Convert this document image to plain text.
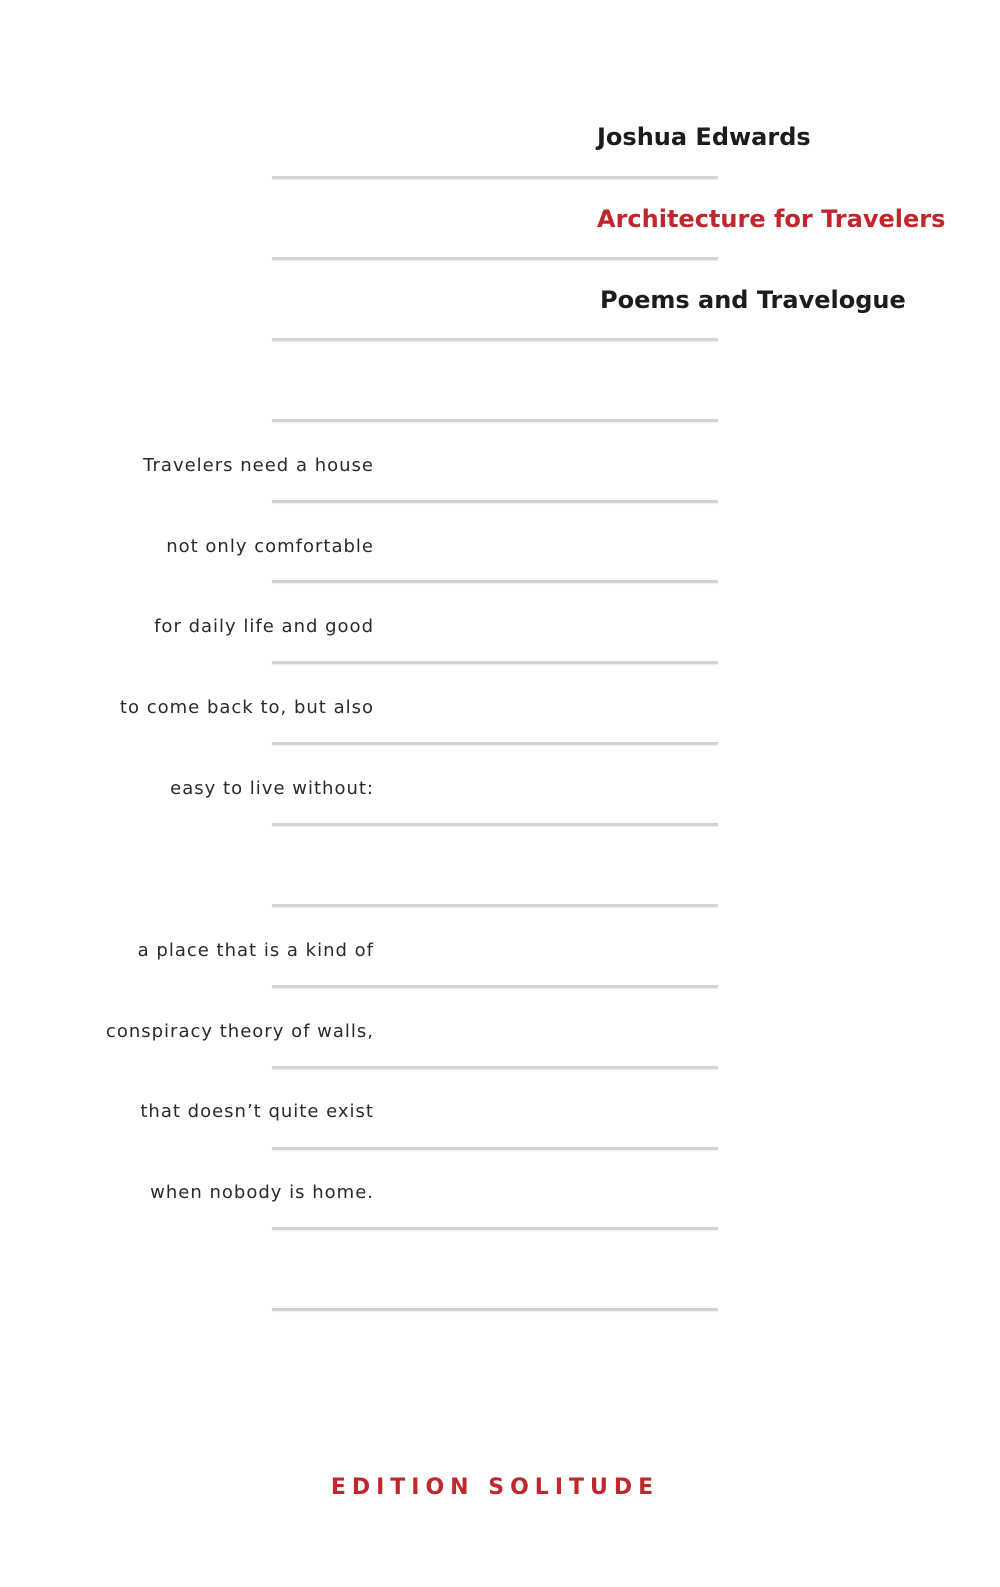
Joshua Edwards
Architecture for Travelers
Poems and Travelogue
Travelers need a house
not only comfortable
for daily life and good
to come back to, but also
easy to live without:
a place that is a kind of
conspiracy theory of walls,
that doesn’t quite exist
when nobody is home.
EDITION SOLITUDE
